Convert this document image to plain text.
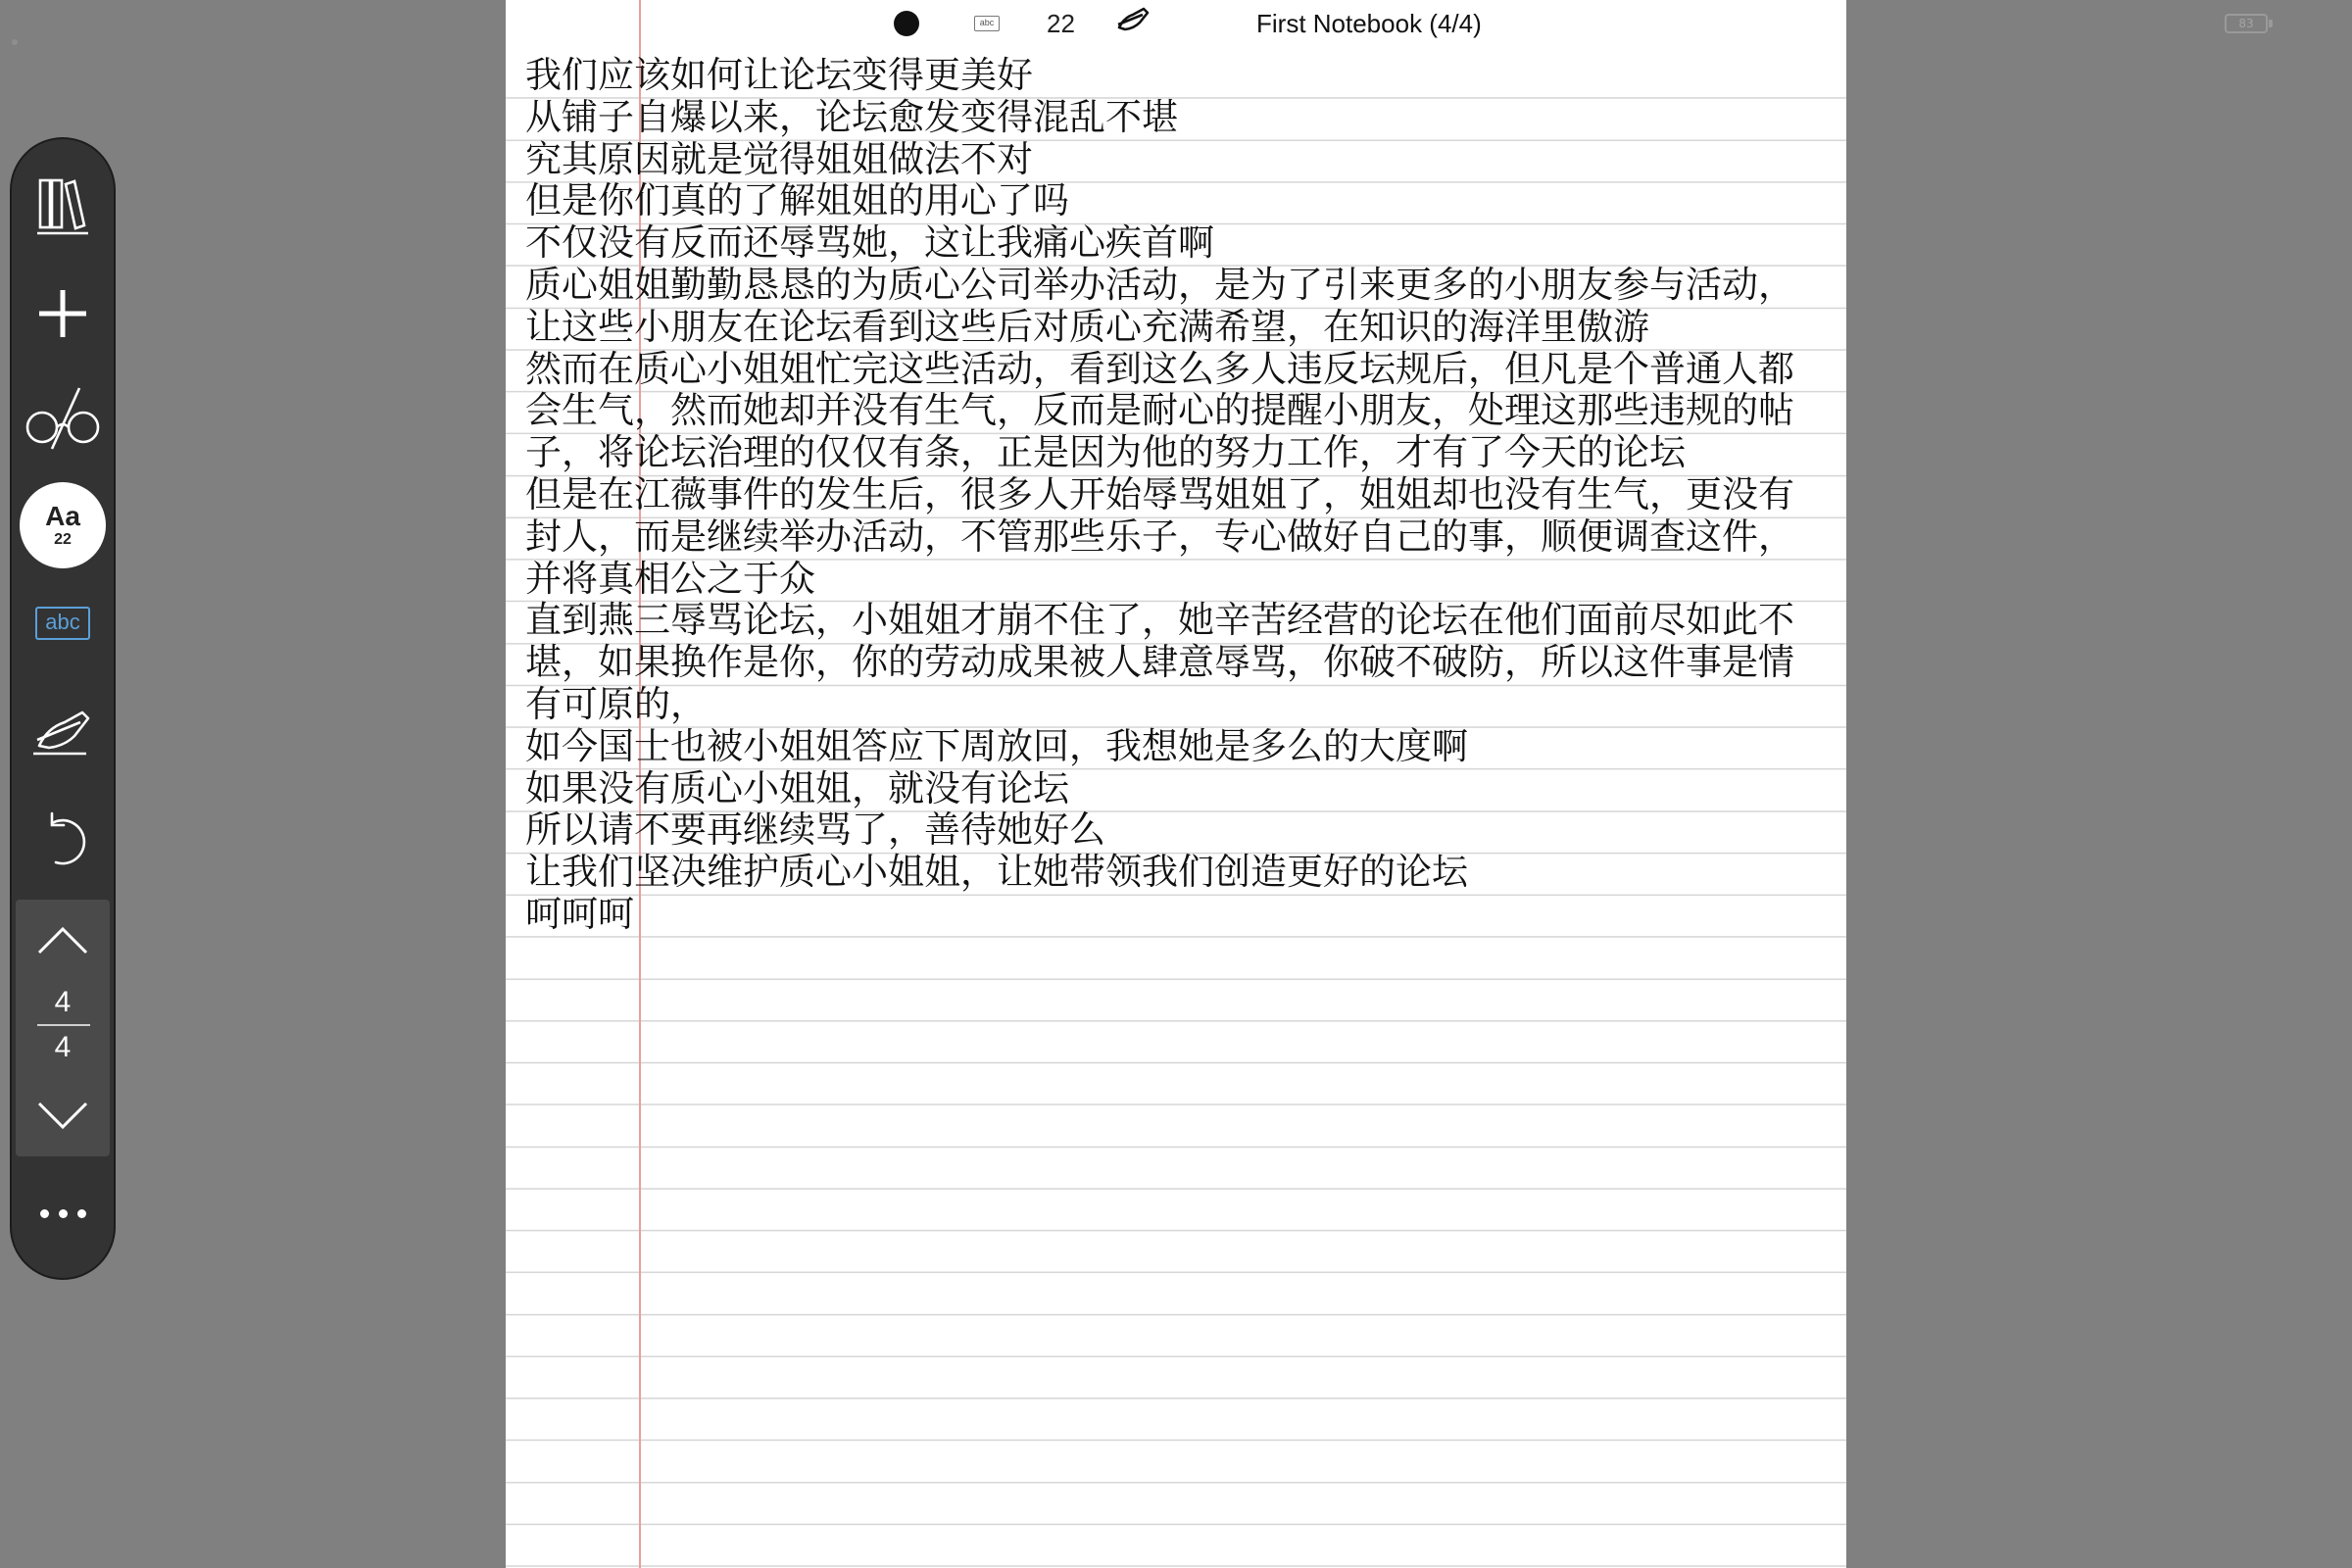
83
Aa
22
abc
4
4
abc 22	First Notebook (4/4)
我们应该如何让论坛变得更美好
从铺子自爆以来，论坛愈发变得混乱不堪
究其原因就是觉得姐姐做法不对
但是你们真的了解姐姐的用心了吗
不仅没有反而还辱骂她，这让我痛心疾首啊
质心姐姐勤勤恳恳的为质心公司举办活动，是为了引来更多的小朋友参与活动，
让这些小朋友在论坛看到这些后对质心充满希望，在知识的海洋里傲游
然而在质心小姐姐忙完这些活动，看到这么多人违反坛规后，但凡是个普通人都
会生气，然而她却并没有生气，反而是耐心的提醒小朋友，处理这那些违规的帖
子，将论坛治理的仅仅有条，正是因为他的努力工作，才有了今天的论坛
但是在江薇事件的发生后，很多人开始辱骂姐姐了，姐姐却也没有生气，更没有
封人，而是继续举办活动，不管那些乐子，专心做好自己的事，顺便调查这件，
并将真相公之于众
直到燕三辱骂论坛，小姐姐才崩不住了，她辛苦经营的论坛在他们面前尽如此不
堪，如果换作是你，你的劳动成果被人肆意辱骂，你破不破防，所以这件事是情
有可原的，
如今国士也被小姐姐答应下周放回，我想她是多么的大度啊
如果没有质心小姐姐，就没有论坛
所以请不要再继续骂了，善待她好么
让我们坚决维护质心小姐姐，让她带领我们创造更好的论坛
呵呵呵
